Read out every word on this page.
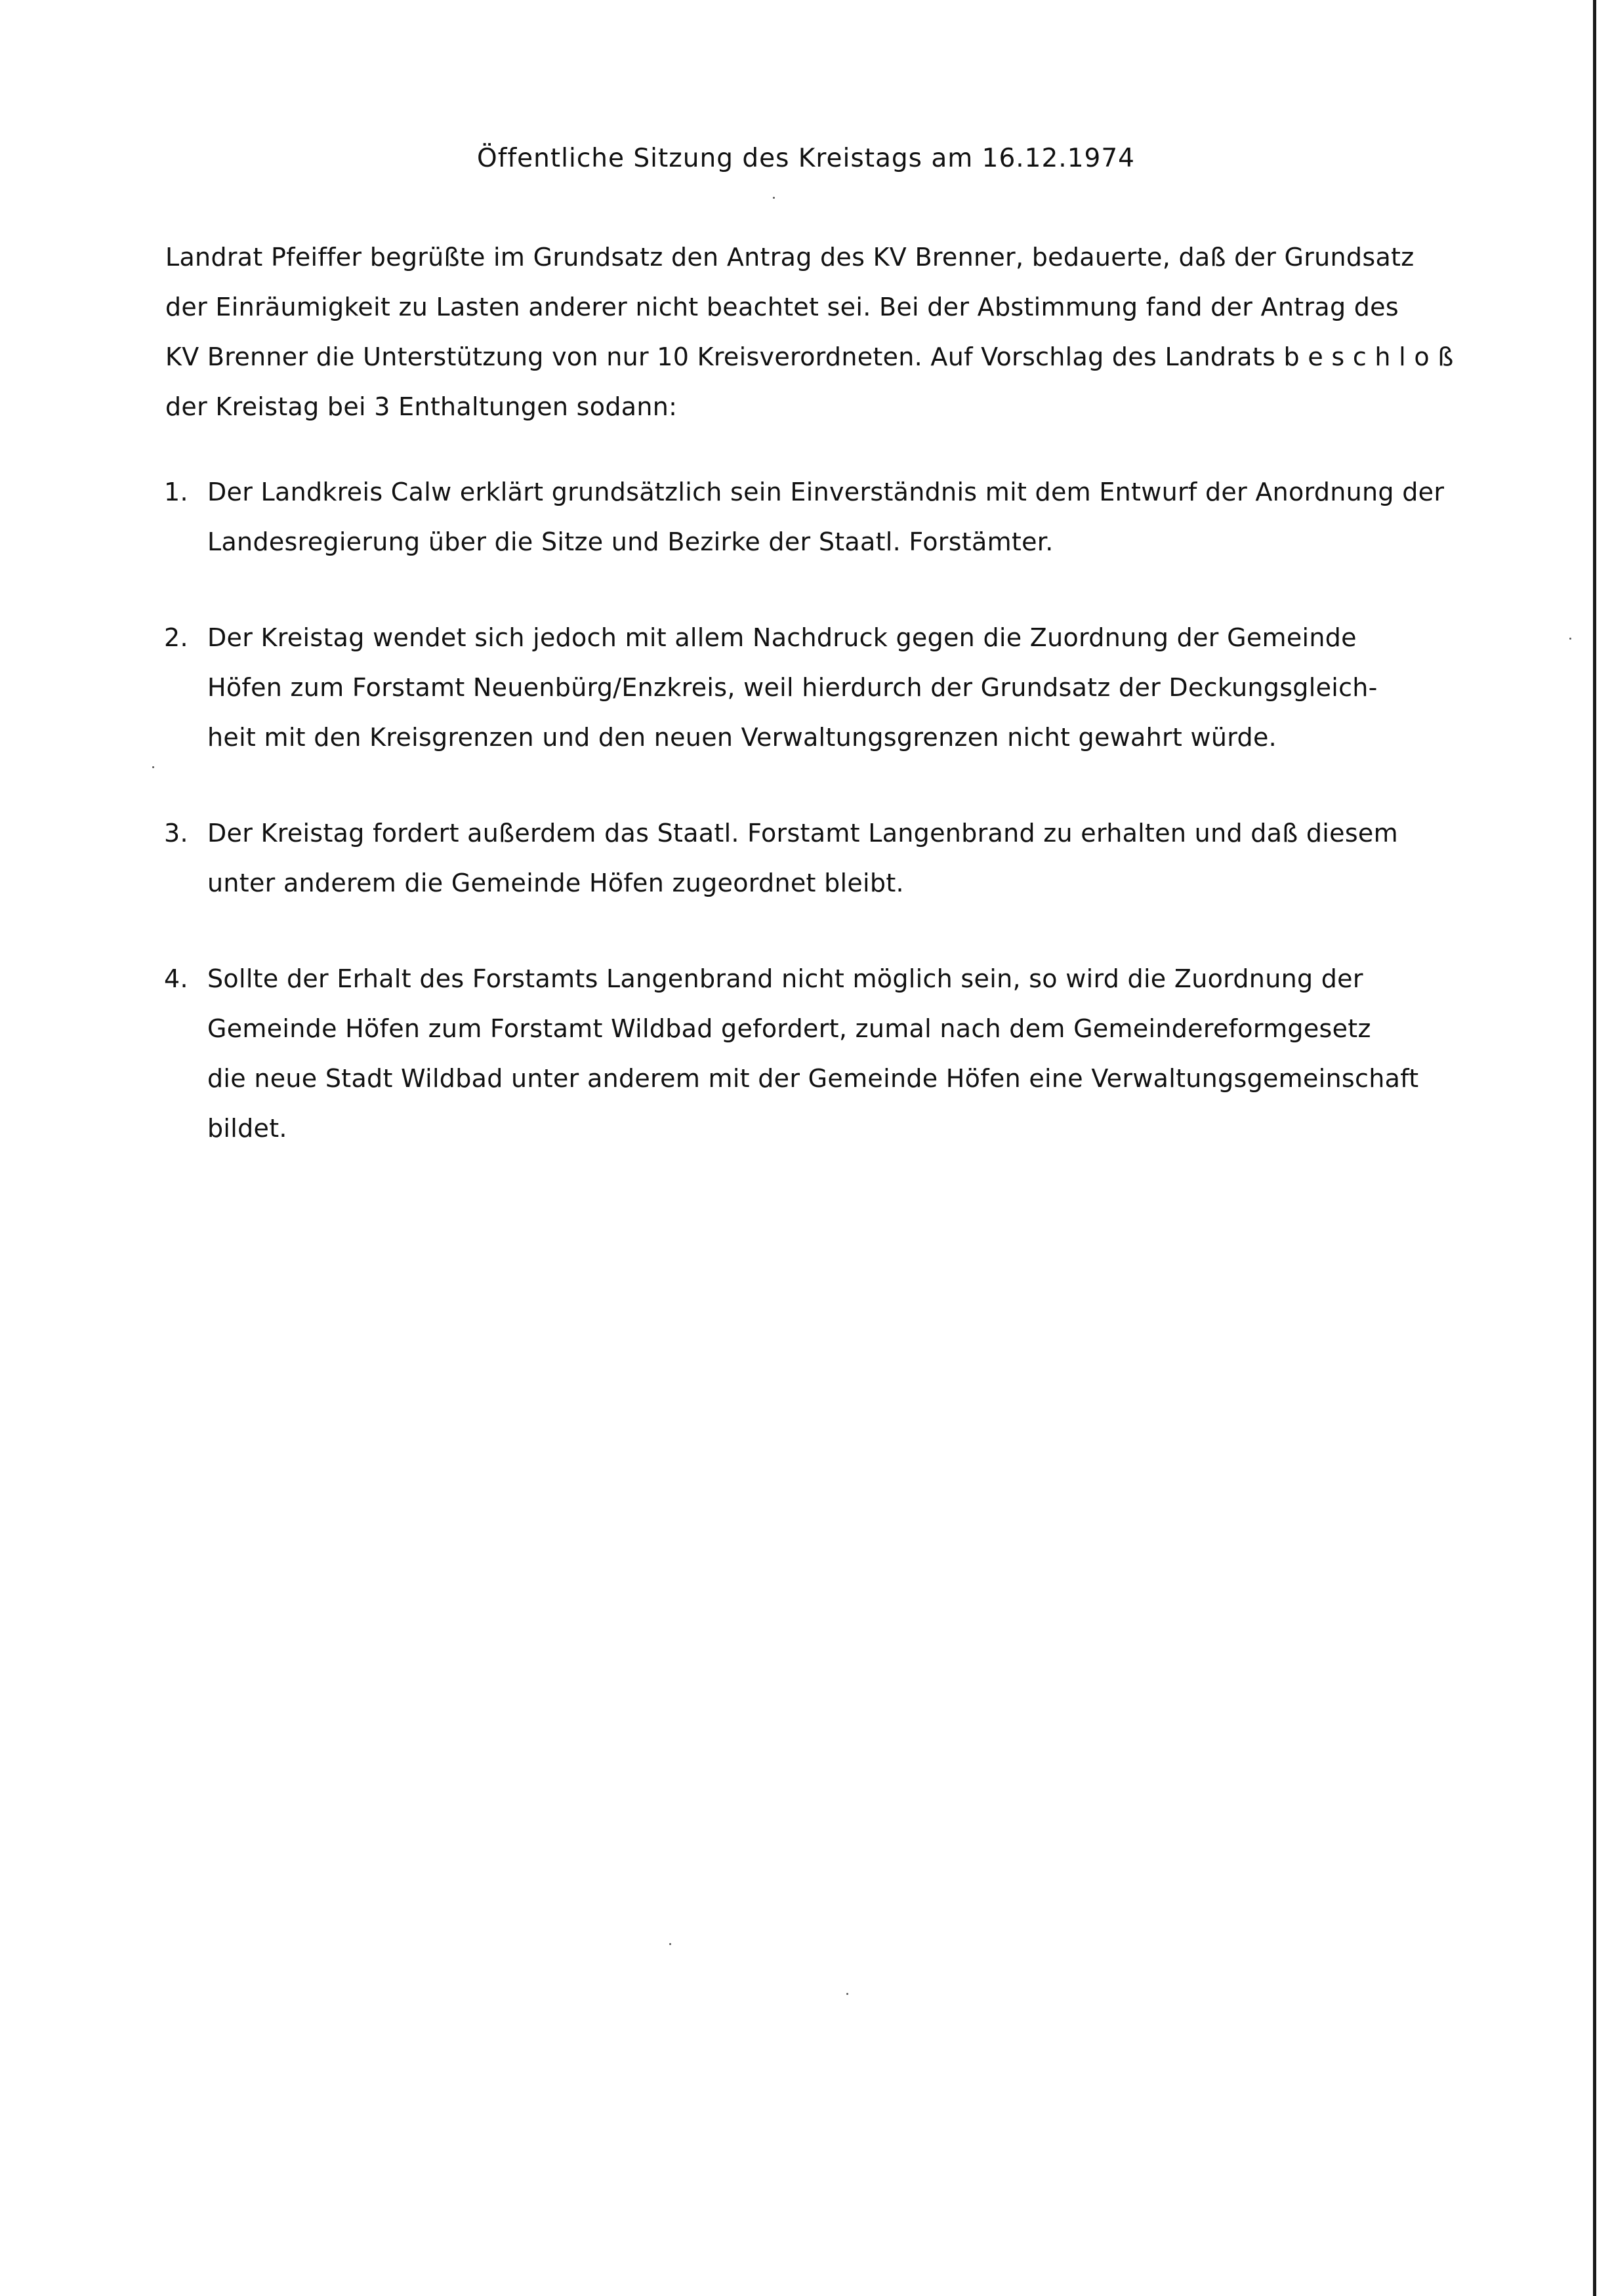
Öffentliche Sitzung des Kreistags am 16.12.1974
Landrat Pfeiffer begrüßte im Grundsatz den Antrag des KV Brenner, bedauerte, daß der Grundsatz
der Einräumigkeit zu Lasten anderer nicht beachtet sei. Bei der Abstimmung fand der Antrag des
KV Brenner die Unterstützung von nur 10 Kreisverordneten. Auf Vorschlag des Landrats b e s c h l o ß
der Kreistag bei 3 Enthaltungen sodann:
1. Der Landkreis Calw erklärt grundsätzlich sein Einverständnis mit dem Entwurf der Anordnung der
Landesregierung über die Sitze und Bezirke der Staatl. Forstämter.
2. Der Kreistag wendet sich jedoch mit allem Nachdruck gegen die Zuordnung der Gemeinde
Höfen zum Forstamt Neuenbürg/Enzkreis, weil hierdurch der Grundsatz der Deckungsgleich-
heit mit den Kreisgrenzen und den neuen Verwaltungsgrenzen nicht gewahrt würde.
3. Der Kreistag fordert außerdem das Staatl. Forstamt Langenbrand zu erhalten und daß diesem
unter anderem die Gemeinde Höfen zugeordnet bleibt.
4. Sollte der Erhalt des Forstamts Langenbrand nicht möglich sein, so wird die Zuordnung der
Gemeinde Höfen zum Forstamt Wildbad gefordert, zumal nach dem Gemeindereformgesetz
die neue Stadt Wildbad unter anderem mit der Gemeinde Höfen eine Verwaltungsgemeinschaft
bildet.
